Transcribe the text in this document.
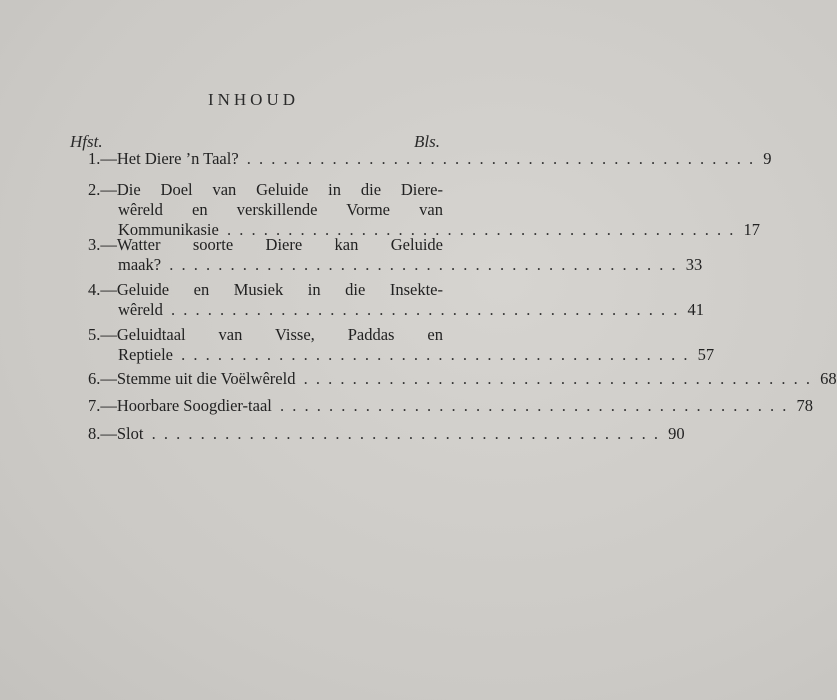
INHOUD
Hfst.	Bls.
1.—Het Diere ’n Taal? . . .	9
2.—Die Doel van Geluide in die Diere-
wêreld en verskillende Vorme van
Kommunikasie . . .	17
3.—Watter soorte Diere kan Geluide
maak? . . .	33
4.—Geluide en Musiek in die Insekte-
wêreld . . .	41
5.—Geluidtaal van Visse, Paddas en
Reptiele . . .	57
6.—Stemme uit die Voëlwêreld . . .	68
7.—Hoorbare Soogdier-taal . . .	78
8.—Slot . . .	90
